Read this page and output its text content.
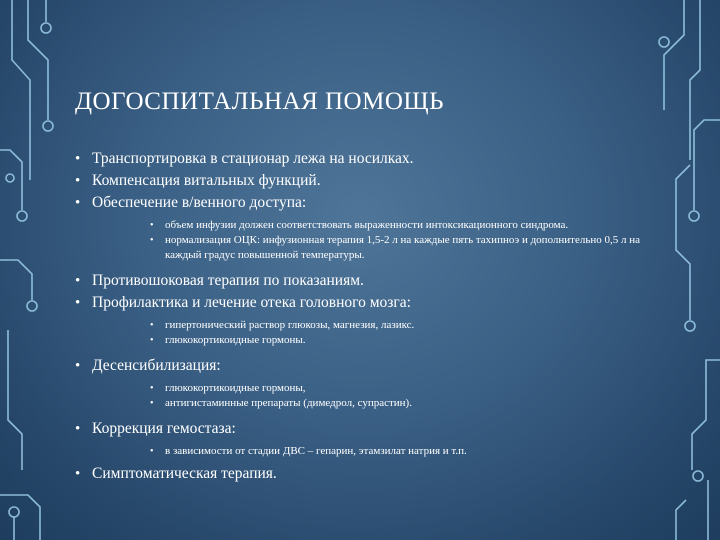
ДОГОСПИТАЛЬНАЯ ПОМОЩЬ
• Транспортировка в стационар лежа на носилках.
• Компенсация витальных функций.
• Обеспечение в/венного доступа:
• объем инфузии должен соответствовать выраженности интоксикационного синдрома.
• нормализация ОЦК: инфузионная терапия 1,5-2 л на каждые пять тахипноэ и дополнительно 0,5 л на каждый градус повышенной температуры.
• Противошоковая терапия по показаниям.
• Профилактика и лечение отека головного мозга:
• гипертонический раствор глюкозы, магнезия, лазикс.
• глюкокортикоидные гормоны.
• Десенсибилизация:
• глюкокортикоидные гормоны,
• антигистаминные препараты (димедрол, супрастин).
• Коррекция гемостаза:
• в зависимости от стадии ДВС – гепарин, этамзилат натрия и т.п.
• Симптоматическая терапия.
